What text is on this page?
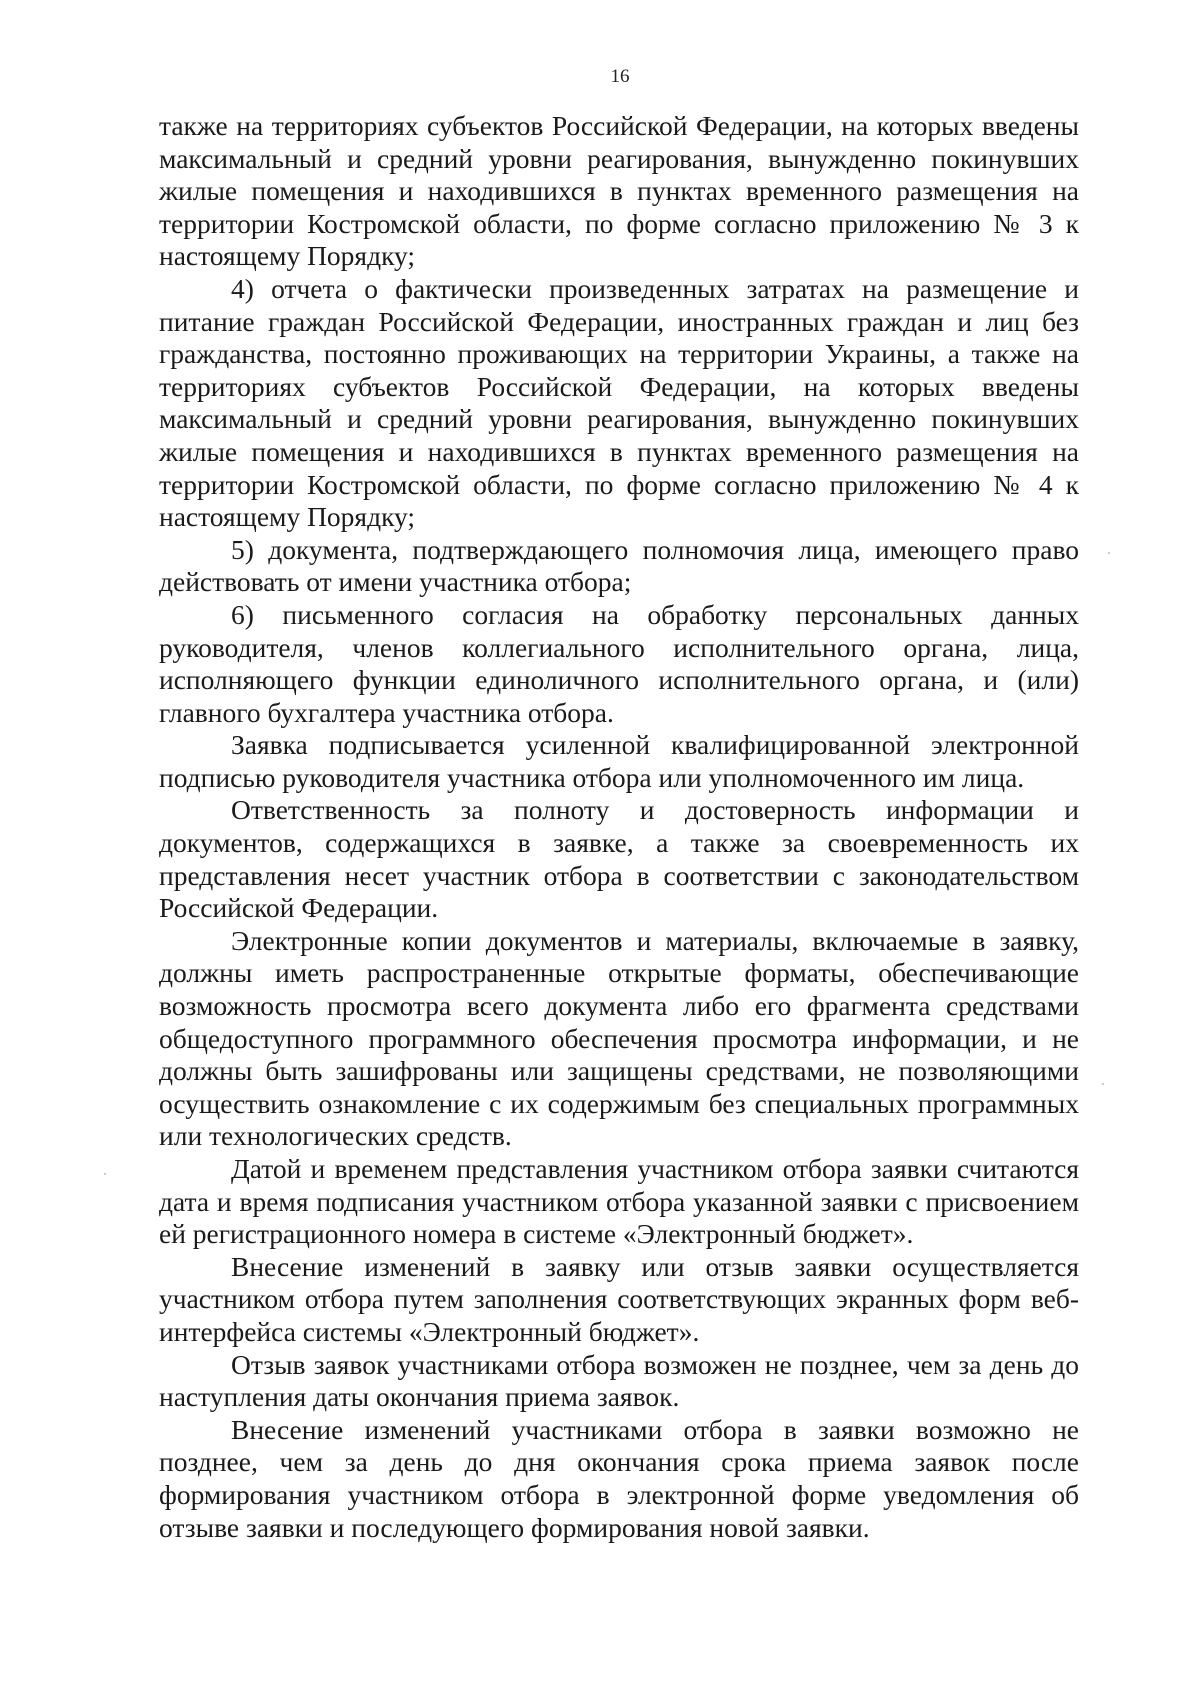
16

также на территориях субъектов Российской Федерации, на которых введены максимальный и средний уровни реагирования, вынужденно покинувших жилые помещения и находившихся в пунктах временного размещения на территории Костромской области, по форме согласно приложению № 3 к настоящему Порядку;

4) отчета о фактически произведенных затратах на размещение и питание граждан Российской Федерации, иностранных граждан и лиц без гражданства, постоянно проживающих на территории Украины, а также на территориях субъектов Российской Федерации, на которых введены максимальный и средний уровни реагирования, вынужденно покинувших жилые помещения и находившихся в пунктах временного размещения на территории Костромской области, по форме согласно приложению № 4 к настоящему Порядку;

5) документа, подтверждающего полномочия лица, имеющего право действовать от имени участника отбора;

6) письменного согласия на обработку персональных данных руководителя, членов коллегиального исполнительного органа, лица, исполняющего функции единоличного исполнительного органа, и (или) главного бухгалтера участника отбора.

Заявка подписывается усиленной квалифицированной электронной подписью руководителя участника отбора или уполномоченного им лица.

Ответственность за полноту и достоверность информации и документов, содержащихся в заявке, а также за своевременность их представления несет участник отбора в соответствии с законодательством Российской Федерации.

Электронные копии документов и материалы, включаемые в заявку, должны иметь распространенные открытые форматы, обеспечивающие возможность просмотра всего документа либо его фрагмента средствами общедоступного программного обеспечения просмотра информации, и не должны быть зашифрованы или защищены средствами, не позволяющими осуществить ознакомление с их содержимым без специальных программных или технологических средств.

Датой и временем представления участником отбора заявки считаются дата и время подписания участником отбора указанной заявки с присвоением ей регистрационного номера в системе «Электронный бюджет».

Внесение изменений в заявку или отзыв заявки осуществляется участником отбора путем заполнения соответствующих экранных форм веб-интерфейса системы «Электронный бюджет».

Отзыв заявок участниками отбора возможен не позднее, чем за день до наступления даты окончания приема заявок.

Внесение изменений участниками отбора в заявки возможно не позднее, чем за день до дня окончания срока приема заявок после формирования участником отбора в электронной форме уведомления об отзыве заявки и последующего формирования новой заявки.
